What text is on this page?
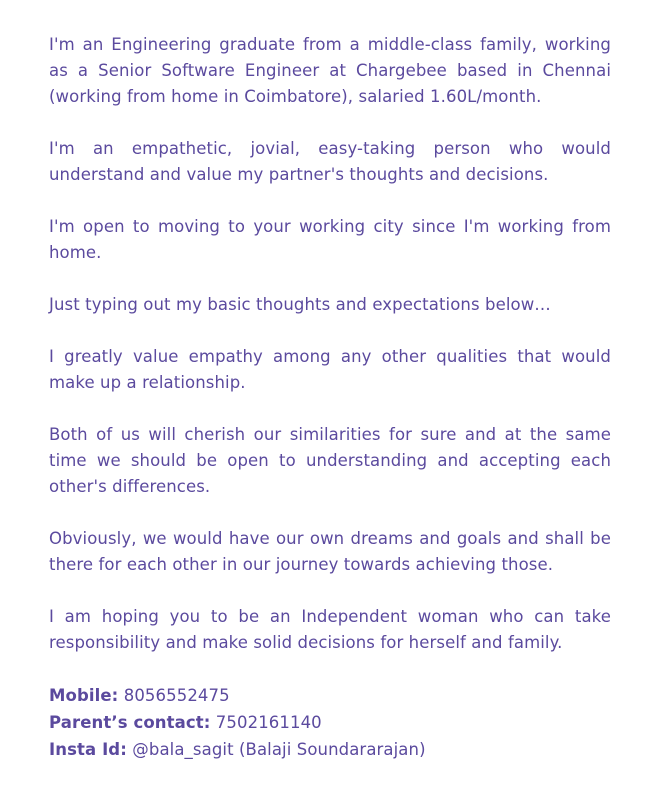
I'm an Engineering graduate from a middle-class family, working as a Senior Software Engineer at Chargebee based in Chennai (working from home in Coimbatore), salaried 1.60L/month.

I'm an empathetic, jovial, easy-taking person who would understand and value my partner's thoughts and decisions.

I'm open to moving to your working city since I'm working from home.

Just typing out my basic thoughts and expectations below…

I greatly value empathy among any other qualities that would make up a relationship.

Both of us will cherish our similarities for sure and at the same time we should be open to understanding and accepting each other's differences.

Obviously, we would have our own dreams and goals and shall be there for each other in our journey towards achieving those.

I am hoping you to be an Independent woman who can take responsibility and make solid decisions for herself and family.

Mobile: 8056552475
Parent’s contact: 7502161140
Insta Id: @bala_sagit (Balaji Soundararajan)
